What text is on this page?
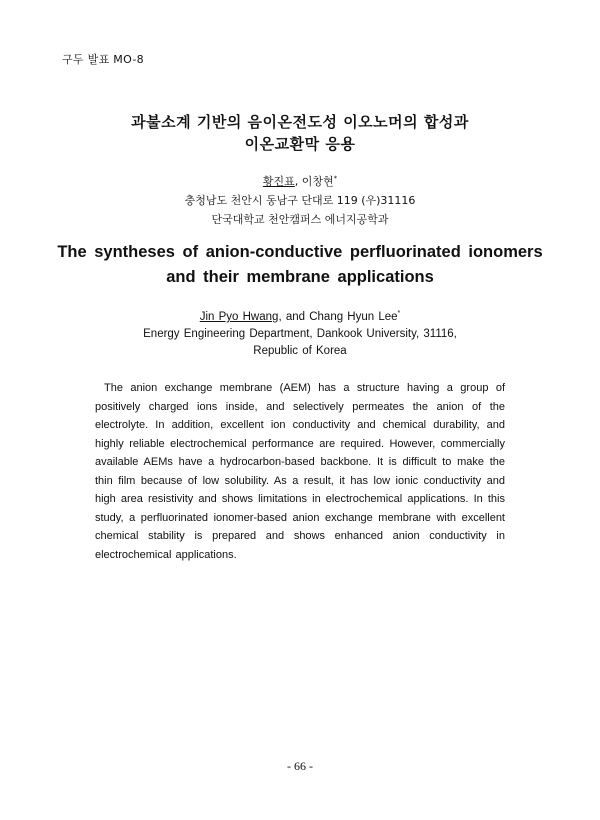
구두 발표 MO-8
과불소계 기반의 음이온전도성 이오노머의 합성과
이온교환막 응용
황진표, 이창현*
충청남도 천안시 동남구 단대로 119 (우)31116
단국대학교 천안캠퍼스 에너지공학과
The syntheses of anion-conductive perfluorinated ionomers
and their membrane applications
Jin Pyo Hwang, and Chang Hyun Lee*
Energy Engineering Department, Dankook University, 31116,
Republic of Korea

The anion exchange membrane (AEM) has a structure having a group of positively charged ions inside, and selectively permeates the anion of the electrolyte. In addition, excellent ion conductivity and chemical durability, and highly reliable electrochemical performance are required. However, commercially available AEMs have a hydrocarbon-based backbone. It is difficult to make the thin film because of low solubility. As a result, it has low ionic conductivity and high area resistivity and shows limitations in electrochemical applications. In this study, a perfluorinated ionomer-based anion exchange membrane with excellent chemical stability is prepared and shows enhanced anion conductivity in electrochemical applications.

- 66 -
